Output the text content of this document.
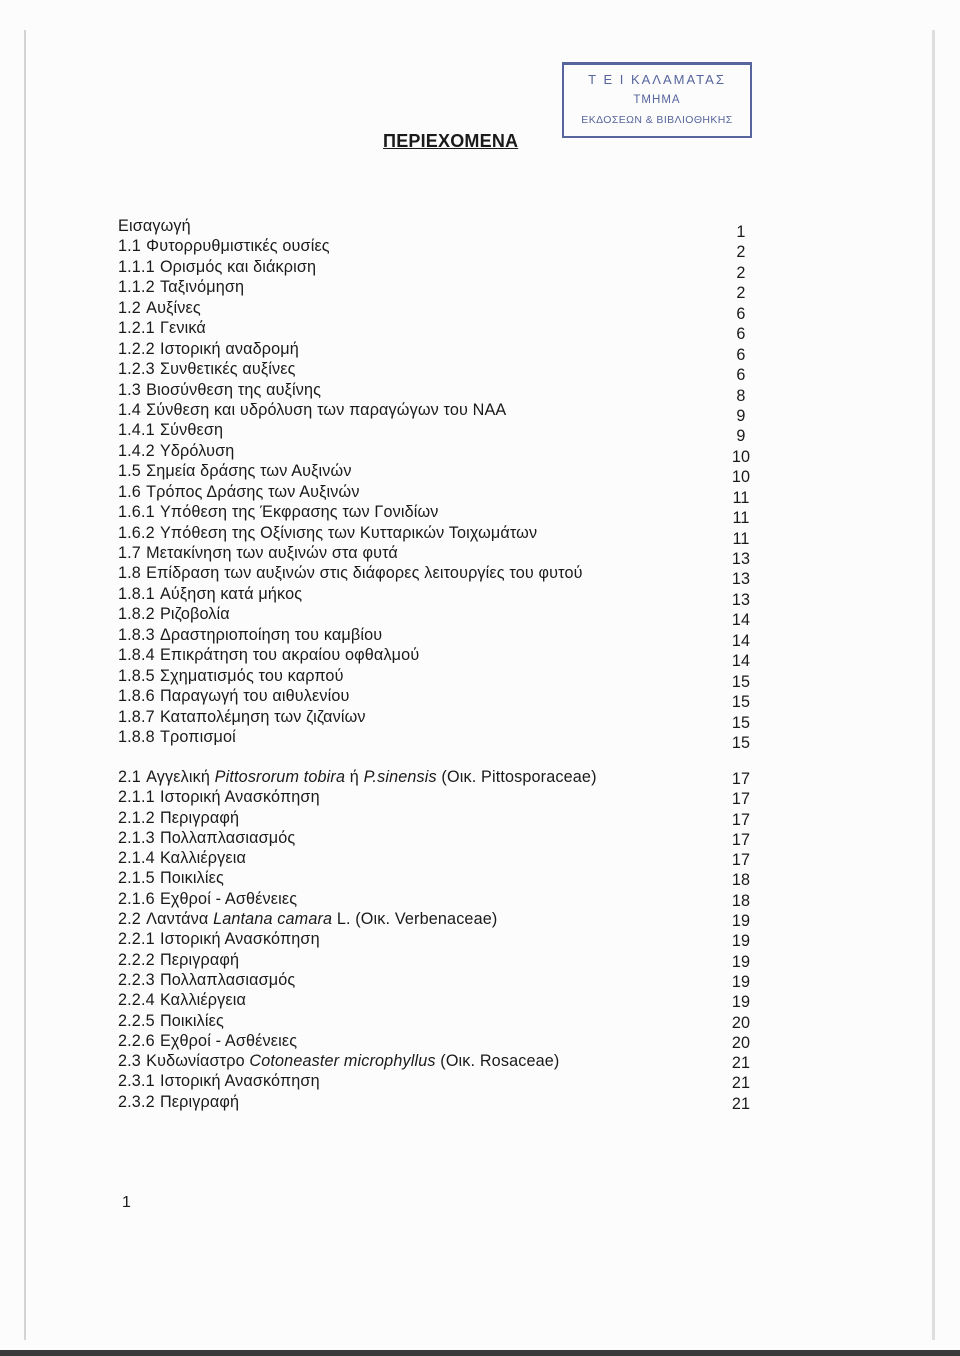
Τ Ε Ι ΚΑΛΑΜΑΤΑΣ
ΤΜΗΜΑ
ΕΚΔΟΣΕΩΝ & ΒΙΒΛΙΟΘΗΚΗΣ
ΠΕΡΙΕΧΟΜΕΝΑ
Εισαγωγή	1
1.1 Φυτορρυθμιστικές ουσίες	2
1.1.1 Ορισμός και διάκριση	2
1.1.2 Ταξινόμηση	2
1.2 Αυξίνες	6
1.2.1 Γενικά	6
1.2.2 Ιστορική αναδρομή	6
1.2.3 Συνθετικές αυξίνες	6
1.3 Βιοσύνθεση της αυξίνης	8
1.4 Σύνθεση και υδρόλυση των παραγώγων του NAA	9
1.4.1 Σύνθεση	9
1.4.2 Υδρόλυση	10
1.5 Σημεία δράσης των Αυξινών	10
1.6 Τρόπος Δράσης των Αυξινών	11
1.6.1 Υπόθεση της Έκφρασης των Γονιδίων	11
1.6.2 Υπόθεση της Οξίνισης των Κυτταρικών Τοιχωμάτων	11
1.7 Μετακίνηση των αυξινών στα φυτά	13
1.8 Επίδραση των αυξινών στις διάφορες λειτουργίες του φυτού	13
1.8.1 Αύξηση κατά μήκος	13
1.8.2 Ριζοβολία	14
1.8.3 Δραστηριοποίηση του καμβίου	14
1.8.4 Επικράτηση του ακραίου οφθαλμού	14
1.8.5 Σχηματισμός του καρπού	15
1.8.6 Παραγωγή του αιθυλενίου	15
1.8.7 Καταπολέμηση των ζιζανίων	15
1.8.8 Τροπισμοί	15
2.1 Αγγελική Pittosrorum tobira ή P.sinensis (Οικ. Pittosporaceae)	17
2.1.1 Ιστορική Ανασκόπηση	17
2.1.2 Περιγραφή	17
2.1.3 Πολλαπλασιασμός	17
2.1.4 Καλλιέργεια	17
2.1.5 Ποικιλίες	18
2.1.6 Εχθροί - Ασθένειες	18
2.2 Λαντάνα Lantana camara L. (Οικ. Verbenaceae)	19
2.2.1 Ιστορική Ανασκόπηση	19
2.2.2 Περιγραφή	19
2.2.3 Πολλαπλασιασμός	19
2.2.4 Καλλιέργεια	19
2.2.5 Ποικιλίες	20
2.2.6 Εχθροί - Ασθένειες	20
2.3 Κυδωνίαστρο Cotoneaster microphyllus (Οικ. Rosaceae)	21
2.3.1 Ιστορική Ανασκόπηση	21
2.3.2 Περιγραφή	21
1
